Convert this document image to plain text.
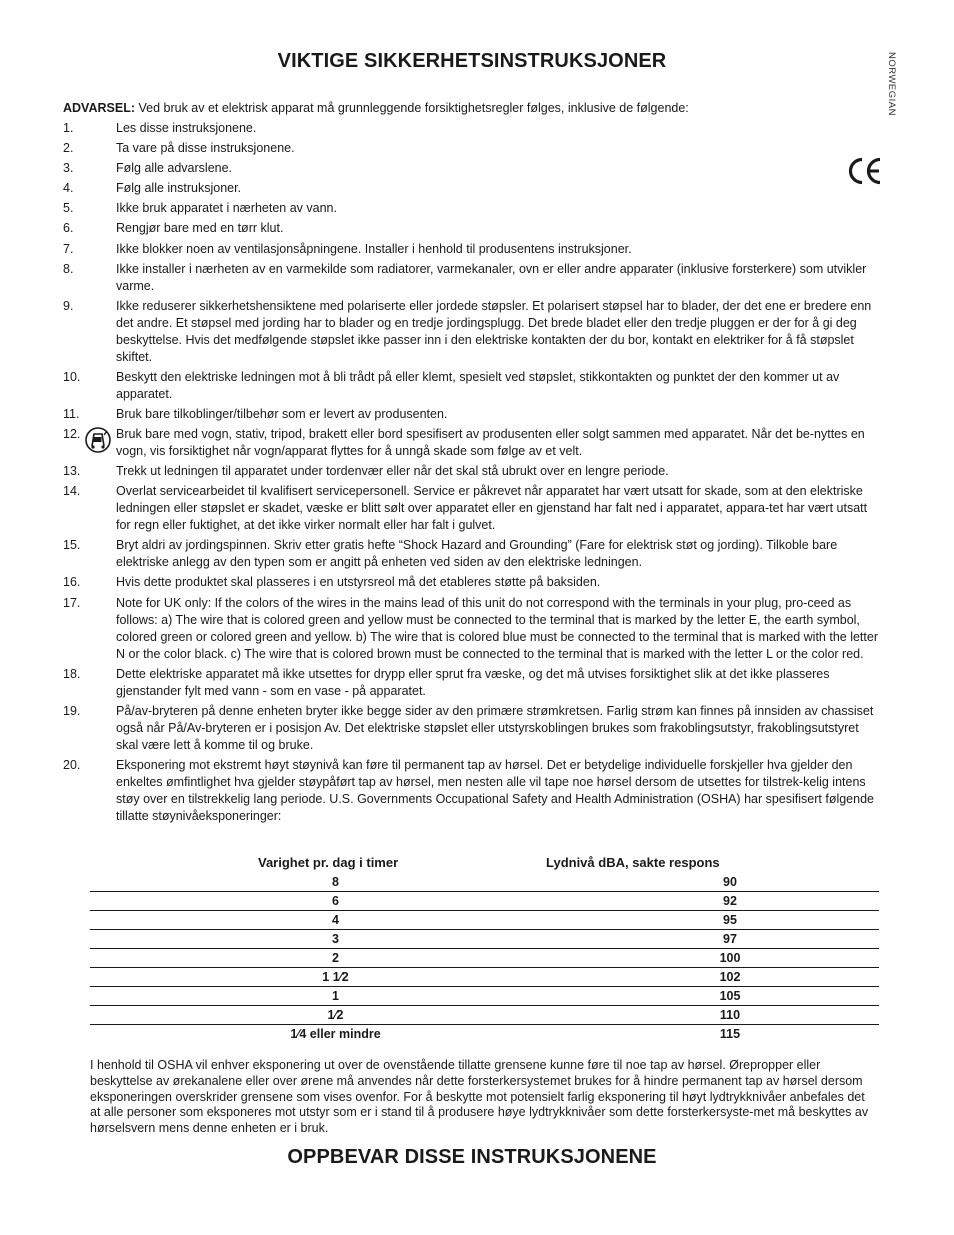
VIKTIGE SIKKERHETSINSTRUKSJONER	NORWEGIAN
ADVARSEL: Ved bruk av et elektrisk apparat må grunnleggende forsiktighetsregler følges, inklusive de følgende:
1.	Les disse instruksjonene.
2.	Ta vare på disse instruksjonene.
3.	Følg alle advarslene.
4.	Følg alle instruksjoner.
5.	Ikke bruk apparatet i nærheten av vann.
6.	Rengjør bare med en tørr klut.
7.	Ikke blokker noen av ventilasjonsåpningene. Installer i henhold til produsentens instruksjoner.
8.	Ikke installer i nærheten av en varmekilde som radiatorer, varmekanaler, ovn er eller andre apparater (inklusive forsterkere) som utvikler varme.
9.	Ikke reduserer sikkerhetshensiktene med polariserte eller jordede støpsler. Et polarisert støpsel har to blader, der det ene er bredere enn det andre. Et støpsel med jording har to blader og en tredje jordingsplugg. Det brede bladet eller den tredje pluggen er der for å gi deg beskyttelse. Hvis det medfølgende støpslet ikke passer inn i den elektriske kontakten der du bor, kontakt en elektriker for å få støpslet skiftet.
10.	Beskytt den elektriske ledningen mot å bli trådt på eller klemt, spesielt ved støpslet, stikkontakten og punktet der den kommer ut av apparatet.
11.	Bruk bare tilkoblinger/tilbehør som er levert av produsenten.
12.	Bruk bare med vogn, stativ, tripod, brakett eller bord spesifisert av produsenten eller solgt sammen med apparatet. Når det be-nyttes en vogn, vis forsiktighet når vogn/apparat flyttes for å unngå skade som følge av et velt.
13.	Trekk ut ledningen til apparatet under tordenvær eller når det skal stå ubrukt over en lengre periode.
14.	Overlat servicearbeidet til kvalifisert servicepersonell. Service er påkrevet når apparatet har vært utsatt for skade, som at den elektriske ledningen eller støpslet er skadet, væske er blitt sølt over apparatet eller en gjenstand har falt ned i apparatet, appara-tet har vært utsatt for regn eller fuktighet, at det ikke virker normalt eller har falt i gulvet.
15.	Bryt aldri av jordingspinnen. Skriv etter gratis hefte “Shock Hazard and Grounding” (Fare for elektrisk støt og jording). Tilkoble bare elektriske anlegg av den typen som er angitt på enheten ved siden av den elektriske ledningen.
16.	Hvis dette produktet skal plasseres i en utstyrsreol må det etableres støtte på baksiden.
17.	Note for UK only: If the colors of the wires in the mains lead of this unit do not correspond with the terminals in your plug, pro-ceed as follows: a) The wire that is colored green and yellow must be connected to the terminal that is marked by the letter E, the earth symbol, colored green or colored green and yellow. b) The wire that is colored blue must be connected to the terminal that is marked with the letter N or the color black. c) The wire that is colored brown must be connected to the terminal that is marked with the letter L or the color red.
18.	Dette elektriske apparatet må ikke utsettes for drypp eller sprut fra væske, og det må utvises forsiktighet slik at det ikke plasseres gjenstander fylt med vann - som en vase - på apparatet.
19.	På/av-bryteren på denne enheten bryter ikke begge sider av den primære strømkretsen. Farlig strøm kan finnes på innsiden av chassiset også når På/Av-bryteren er i posisjon Av. Det elektriske støpslet eller utstyrskoblingen brukes som frakoblingsutstyr, frakoblingsutstyret skal være lett å komme til og bruke.
20.	Eksponering mot ekstremt høyt støynivå kan føre til permanent tap av hørsel. Det er betydelige individuelle forskjeller hva gjelder den enkeltes ømfintlighet hva gjelder støypåført tap av hørsel, men nesten alle vil tape noe hørsel dersom de utsettes for tilstrek-kelig intens støy over en tilstrekkelig lang periode. U.S. Governments Occupational Safety and Health Administration (OSHA) har spesifisert følgende tillatte støynivåeksponeringer:
Varighet pr. dag i timer	Lydnivå dBA, sakte respons
8	90
6	92
4	95
3	97
2	100
1 1⁄2	102
1	105
1⁄2	110
1⁄4 eller mindre	115
I henhold til OSHA vil enhver eksponering ut over de ovenstående tillatte grensene kunne føre til noe tap av hørsel. Ørepropper eller beskyttelse av ørekanalene eller over ørene må anvendes når dette forsterkersystemet brukes for å hindre permanent tap av hørsel dersom eksponeringen overskrider grensene som vises ovenfor. For å beskytte mot potensielt farlig eksponering til høyt lydtrykknivåer anbefales det at alle personer som eksponeres mot utstyr som er i stand til å produsere høye lydtrykknivåer som dette forsterkersyste-met må beskyttes av hørselsvern mens denne enheten er i bruk.
OPPBEVAR DISSE INSTRUKSJONENE
